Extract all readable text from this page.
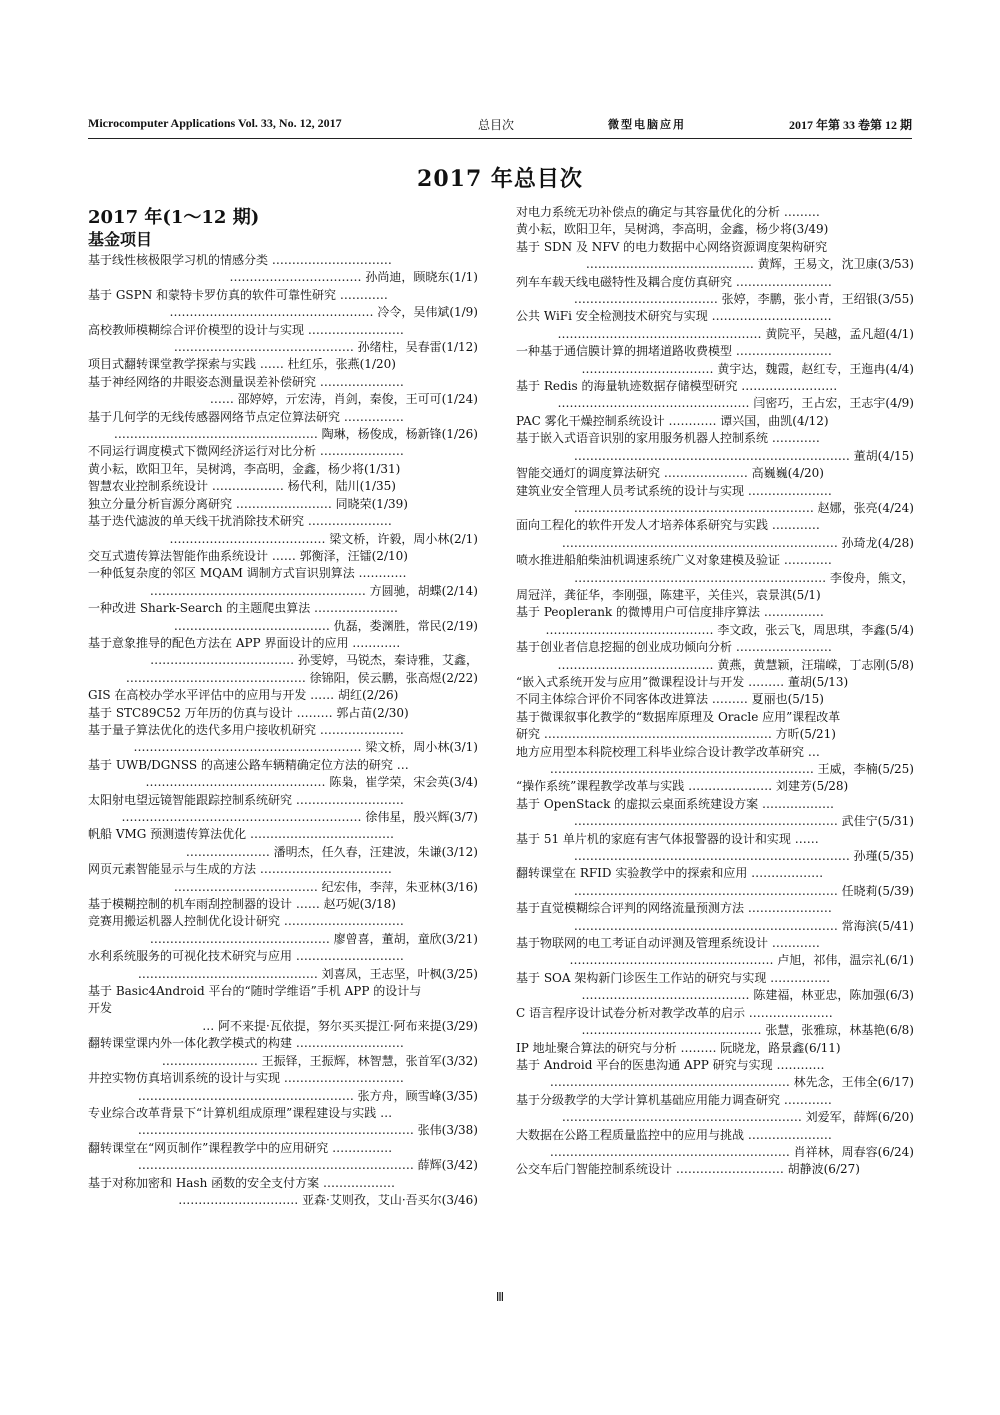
Microcomputer Applications Vol. 33, No. 12, 2017	总目次	微型电脑应用	2017 年第 33 卷第 12 期
2017 年总目次
2017 年(1～12 期)
基金项目
基于线性核极限学习机的情感分类 …………………………
…………………………… 孙尚迪，顾晓东(1/1)
基于 GSPN 和蒙特卡罗仿真的软件可靠性研究 …………
…………………………………………… 冷令，吴伟斌(1/9)
高校教师模糊综合评价模型的设计与实现 ……………………
……………………………………… 孙绪柱，吴春雷(1/12)
项目式翻转课堂教学探索与实践 …… 杜红乐，张燕(1/20)
基于神经网络的井眼姿态测量误差补偿研究 …………………
…… 邵婷婷，亓宏涛，肖剑，秦俊，王可可(1/24)
基于几何学的无线传感器网络节点定位算法研究 ……………
…………………………………………… 陶琳，杨俊成，杨新锋(1/26)
不同运行调度模式下微网经济运行对比分析 …………………
黄小耘，欧阳卫年，吴树鸿，李高明，金鑫，杨少将(1/31)
智慧农业控制系统设计 ……………… 杨代利，陆川(1/35)
独立分量分析盲源分离研究 …………………… 同晓荣(1/39)
基于迭代滤波的单天线干扰消除技术研究 …………………
………………………………… 梁文桥，许毅，周小林(2/1)
交互式遗传算法智能作曲系统设计 …… 郭衡泽，汪镭(2/10)
一种低复杂度的邻区 MQAM 调制方式盲识别算法 …………
……………………………………………… 方圆驰，胡蝶(2/14)
一种改进 Shark-Search 的主题爬虫算法 …………………
………………………………… 仇磊，娄渊胜，常民(2/19)
基于意象推导的配色方法在 APP 界面设计的应用 …………
……………………………… 孙雯婷，马锐杰，秦诗雅，艾鑫，
……………………………………… 徐锦阳，侯云鹏，张高煜(2/22)
GIS 在高校办学水平评估中的应用与开发 …… 胡红(2/26)
基于 STC89C52 万年历的仿真与设计 ……… 郭占苗(2/30)
基于量子算法优化的迭代多用户接收机研究 …………………
………………………………………………… 梁文桥，周小林(3/1)
基于 UWB/DGNSS 的高速公路车辆精确定位方法的研究 …
……………………………………… 陈枭，崔学荣，宋会英(3/4)
太阳射电望远镜智能跟踪控制系统研究 ………………………
…………………………………………………… 徐伟星，殷兴辉(3/7)
帆船 VMG 预测遗传算法优化 ………………………………
………………… 潘明杰，任久春，汪建波，朱谦(3/12)
网页元素智能显示与生成的方法 ……………………………
……………………………… 纪宏伟，李萍，朱亚林(3/16)
基于模糊控制的机车雨刮控制器的设计 …… 赵巧妮(3/18)
竞赛用搬运机器人控制优化设计研究 …………………………
……………………………………… 廖曾喜，董胡，童欣(3/21)
水利系统服务的可视化技术研究与应用 ………………………
……………………………………… 刘喜凤，王志坚，叶枫(3/25)
基于 Basic4Android 平台的“随时学维语”手机 APP 的设计与
开发
… 阿不来提·瓦依提，努尔买买提江·阿布来提(3/29)
翻转课堂课内外一体化教学模式的构建 ………………………
…………………… 王振铎，王振辉，林智慧，张首军(3/32)
井控实物仿真培训系统的设计与实现 …………………………
……………………………………………… 张方舟，顾雪峰(3/35)
专业综合改革背景下“计算机组成原理”课程建设与实践 …
…………………………………………………………… 张伟(3/38)
翻转课堂在“网页制作”课程教学中的应用研究 ……………
…………………………………………………………… 薛辉(3/42)
基于对称加密和 Hash 函数的安全支付方案 ………………
………………………… 亚森·艾则孜，艾山·吾买尔(3/46)
对电力系统无功补偿点的确定与其容量优化的分析 ………
黄小耘，欧阳卫年，吴树鸿，李高明，金鑫，杨少将(3/49)
基于 SDN 及 NFV 的电力数据中心网络资源调度架构研究
…………………………………… 黄辉，王易文，沈卫康(3/53)
列车车载天线电磁特性及耦合度仿真研究 ……………………
……………………………… 张婷，李鹏，张小青，王绍银(3/55)
公共 WiFi 安全检测技术研究与实现 …………………………
…………………………………………… 黄院平，吴越，孟凡超(4/1)
一种基于通信膜计算的拥堵道路收费模型 ……………………
…………………………… 黄宇达，魏霞，赵红专，王迤冉(4/4)
基于 Redis 的海量轨迹数据存储模型研究 ……………………
………………………………………… 闫密巧，王占宏，王志宇(4/9)
PAC 雾化干燥控制系统设计 ………… 谭兴国，曲凯(4/12)
基于嵌入式语音识别的家用服务机器人控制系统 …………
…………………………………………………………… 董胡(4/15)
智能交通灯的调度算法研究 ………………… 高巍巍(4/20)
建筑业安全管理人员考试系统的设计与实现 …………………
…………………………………………………… 赵娜，张亮(4/24)
面向工程化的软件开发人才培养体系研究与实践 …………
…………………………………………………………… 孙琦龙(4/28)
喷水推进船舶柴油机调速系统广义对象建模及验证 …………
……………………………………………………… 李俊舟，熊文，
周冠洋，龚征华，李刚强，陈建平，关佳兴，袁景淇(5/1)
基于 Peoplerank 的微博用户可信度排序算法 ……………
…………………………………… 李文政，张云飞，周思琪，李鑫(5/4)
基于创业者信息挖掘的创业成功倾向分析 ……………………
………………………………… 黄燕，黄慧颖，汪瑞嵘，丁志刚(5/8)
“嵌入式系统开发与应用”微课程设计与开发 ……… 董胡(5/13)
不同主体综合评价不同客体改进算法 ……… 夏丽也(5/15)
基于微课叙事化教学的“数据库原理及 Oracle 应用”课程改革
研究 ………………………………………………… 方昕(5/21)
地方应用型本科院校理工科毕业综合设计教学改革研究 …
………………………………………………………… 王威，李楠(5/25)
“操作系统”课程教学改革与实践 ………………… 刘建芳(5/28)
基于 OpenStack 的虚拟云桌面系统建设方案 ………………
………………………………………………………… 武佳宁(5/31)
基于 51 单片机的家庭有害气体报警器的设计和实现 ……
…………………………………………………………… 孙瑾(5/35)
翻转课堂在 RFID 实验教学中的探索和应用 ………………
………………………………………………………… 任晓莉(5/39)
基于直觉模糊综合评判的网络流量预测方法 …………………
………………………………………………………… 常海滨(5/41)
基于物联网的电工考证自动评测及管理系统设计 …………
…………………………………………… 卢旭，祁伟，温宗礼(6/1)
基于 SOA 架构新门诊医生工作站的研究与实现 ……………
…………………………………… 陈建福，林亚忠，陈加强(6/3)
C 语言程序设计试卷分析对教学改革的启示 …………………
……………………………………… 张慧，张雅琼，林基艳(6/8)
IP 地址聚合算法的研究与分析 ……… 阮晓龙，路景鑫(6/11)
基于 Android 平台的医患沟通 APP 研究与实现 …………
…………………………………………………… 林先念，王伟全(6/17)
基于分级教学的大学计算机基础应用能力调查研究 …………
…………………………………………………… 刘爱军，薛辉(6/20)
大数据在公路工程质量监控中的应用与挑战 …………………
…………………………………………………… 肖祥林，周春容(6/24)
公交车后门智能控制系统设计 ……………………… 胡静波(6/27)
Ⅲ
